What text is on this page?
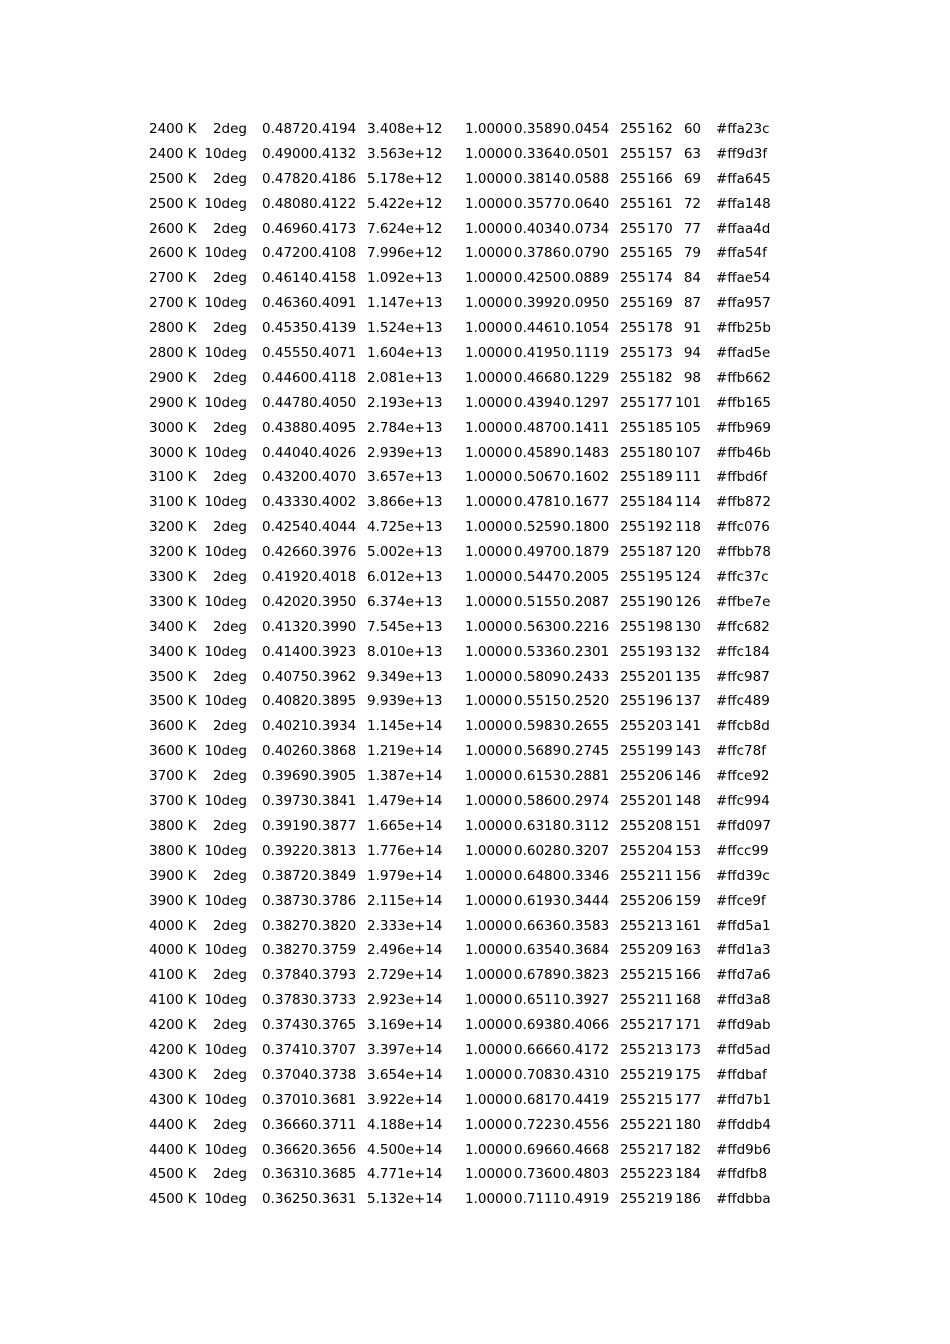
2400 K	2deg 0.4872 0.4194 3.408e+12 1.0000 0.3589 0.0454 255 162 60 #ffa23c
2400 K 10deg 0.4900 0.4132 3.563e+12 1.0000 0.3364 0.0501 255 157 63 #ff9d3f
2500 K	2deg 0.4782 0.4186 5.178e+12 1.0000 0.3814 0.0588 255 166 69 #ffa645
2500 K 10deg 0.4808 0.4122 5.422e+12 1.0000 0.3577 0.0640 255 161 72 #ffa148
2600 K	2deg 0.4696 0.4173 7.624e+12 1.0000 0.4034 0.0734 255 170 77 #ffaa4d
2600 K 10deg 0.4720 0.4108 7.996e+12 1.0000 0.3786 0.0790 255 165 79 #ffa54f
2700 K	2deg 0.4614 0.4158 1.092e+13 1.0000 0.4250 0.0889 255 174 84 #ffae54
2700 K 10deg 0.4636 0.4091 1.147e+13 1.0000 0.3992 0.0950 255 169 87 #ffa957
2800 K	2deg 0.4535 0.4139 1.524e+13 1.0000 0.4461 0.1054 255 178 91 #ffb25b
2800 K 10deg 0.4555 0.4071 1.604e+13 1.0000 0.4195 0.1119 255 173 94 #ffad5e
2900 K	2deg 0.4460 0.4118 2.081e+13 1.0000 0.4668 0.1229 255 182 98 #ffb662
2900 K 10deg 0.4478 0.4050 2.193e+13 1.0000 0.4394 0.1297 255 177 101 #ffb165
3000 K	2deg 0.4388 0.4095 2.784e+13 1.0000 0.4870 0.1411 255 185 105 #ffb969
3000 K 10deg 0.4404 0.4026 2.939e+13 1.0000 0.4589 0.1483 255 180 107 #ffb46b
3100 K	2deg 0.4320 0.4070 3.657e+13 1.0000 0.5067 0.1602 255 189 111 #ffbd6f
3100 K 10deg 0.4333 0.4002 3.866e+13 1.0000 0.4781 0.1677 255 184 114 #ffb872
3200 K	2deg 0.4254 0.4044 4.725e+13 1.0000 0.5259 0.1800 255 192 118 #ffc076
3200 K 10deg 0.4266 0.3976 5.002e+13 1.0000 0.4970 0.1879 255 187 120 #ffbb78
3300 K	2deg 0.4192 0.4018 6.012e+13 1.0000 0.5447 0.2005 255 195 124 #ffc37c
3300 K 10deg 0.4202 0.3950 6.374e+13 1.0000 0.5155 0.2087 255 190 126 #ffbe7e
3400 K	2deg 0.4132 0.3990 7.545e+13 1.0000 0.5630 0.2216 255 198 130 #ffc682
3400 K 10deg 0.4140 0.3923 8.010e+13 1.0000 0.5336 0.2301 255 193 132 #ffc184
3500 K	2deg 0.4075 0.3962 9.349e+13 1.0000 0.5809 0.2433 255 201 135 #ffc987
3500 K 10deg 0.4082 0.3895 9.939e+13 1.0000 0.5515 0.2520 255 196 137 #ffc489
3600 K	2deg 0.4021 0.3934 1.145e+14 1.0000 0.5983 0.2655 255 203 141 #ffcb8d
3600 K 10deg 0.4026 0.3868 1.219e+14 1.0000 0.5689 0.2745 255 199 143 #ffc78f
3700 K	2deg 0.3969 0.3905 1.387e+14 1.0000 0.6153 0.2881 255 206 146 #ffce92
3700 K 10deg 0.3973 0.3841 1.479e+14 1.0000 0.5860 0.2974 255 201 148 #ffc994
3800 K	2deg 0.3919 0.3877 1.665e+14 1.0000 0.6318 0.3112 255 208 151 #ffd097
3800 K 10deg 0.3922 0.3813 1.776e+14 1.0000 0.6028 0.3207 255 204 153 #ffcc99
3900 K	2deg 0.3872 0.3849 1.979e+14 1.0000 0.6480 0.3346 255 211 156 #ffd39c
3900 K 10deg 0.3873 0.3786 2.115e+14 1.0000 0.6193 0.3444 255 206 159 #ffce9f
4000 K	2deg 0.3827 0.3820 2.333e+14 1.0000 0.6636 0.3583 255 213 161 #ffd5a1
4000 K 10deg 0.3827 0.3759 2.496e+14 1.0000 0.6354 0.3684 255 209 163 #ffd1a3
4100 K	2deg 0.3784 0.3793 2.729e+14 1.0000 0.6789 0.3823 255 215 166 #ffd7a6
4100 K 10deg 0.3783 0.3733 2.923e+14 1.0000 0.6511 0.3927 255 211 168 #ffd3a8
4200 K	2deg 0.3743 0.3765 3.169e+14 1.0000 0.6938 0.4066 255 217 171 #ffd9ab
4200 K 10deg 0.3741 0.3707 3.397e+14 1.0000 0.6666 0.4172 255 213 173 #ffd5ad
4300 K	2deg 0.3704 0.3738 3.654e+14 1.0000 0.7083 0.4310 255 219 175 #ffdbaf
4300 K 10deg 0.3701 0.3681 3.922e+14 1.0000 0.6817 0.4419 255 215 177 #ffd7b1
4400 K	2deg 0.3666 0.3711 4.188e+14 1.0000 0.7223 0.4556 255 221 180 #ffddb4
4400 K 10deg 0.3662 0.3656 4.500e+14 1.0000 0.6966 0.4668 255 217 182 #ffd9b6
4500 K	2deg 0.3631 0.3685 4.771e+14 1.0000 0.7360 0.4803 255 223 184 #ffdfb8
4500 K 10deg 0.3625 0.3631 5.132e+14 1.0000 0.7111 0.4919 255 219 186 #ffdbba
